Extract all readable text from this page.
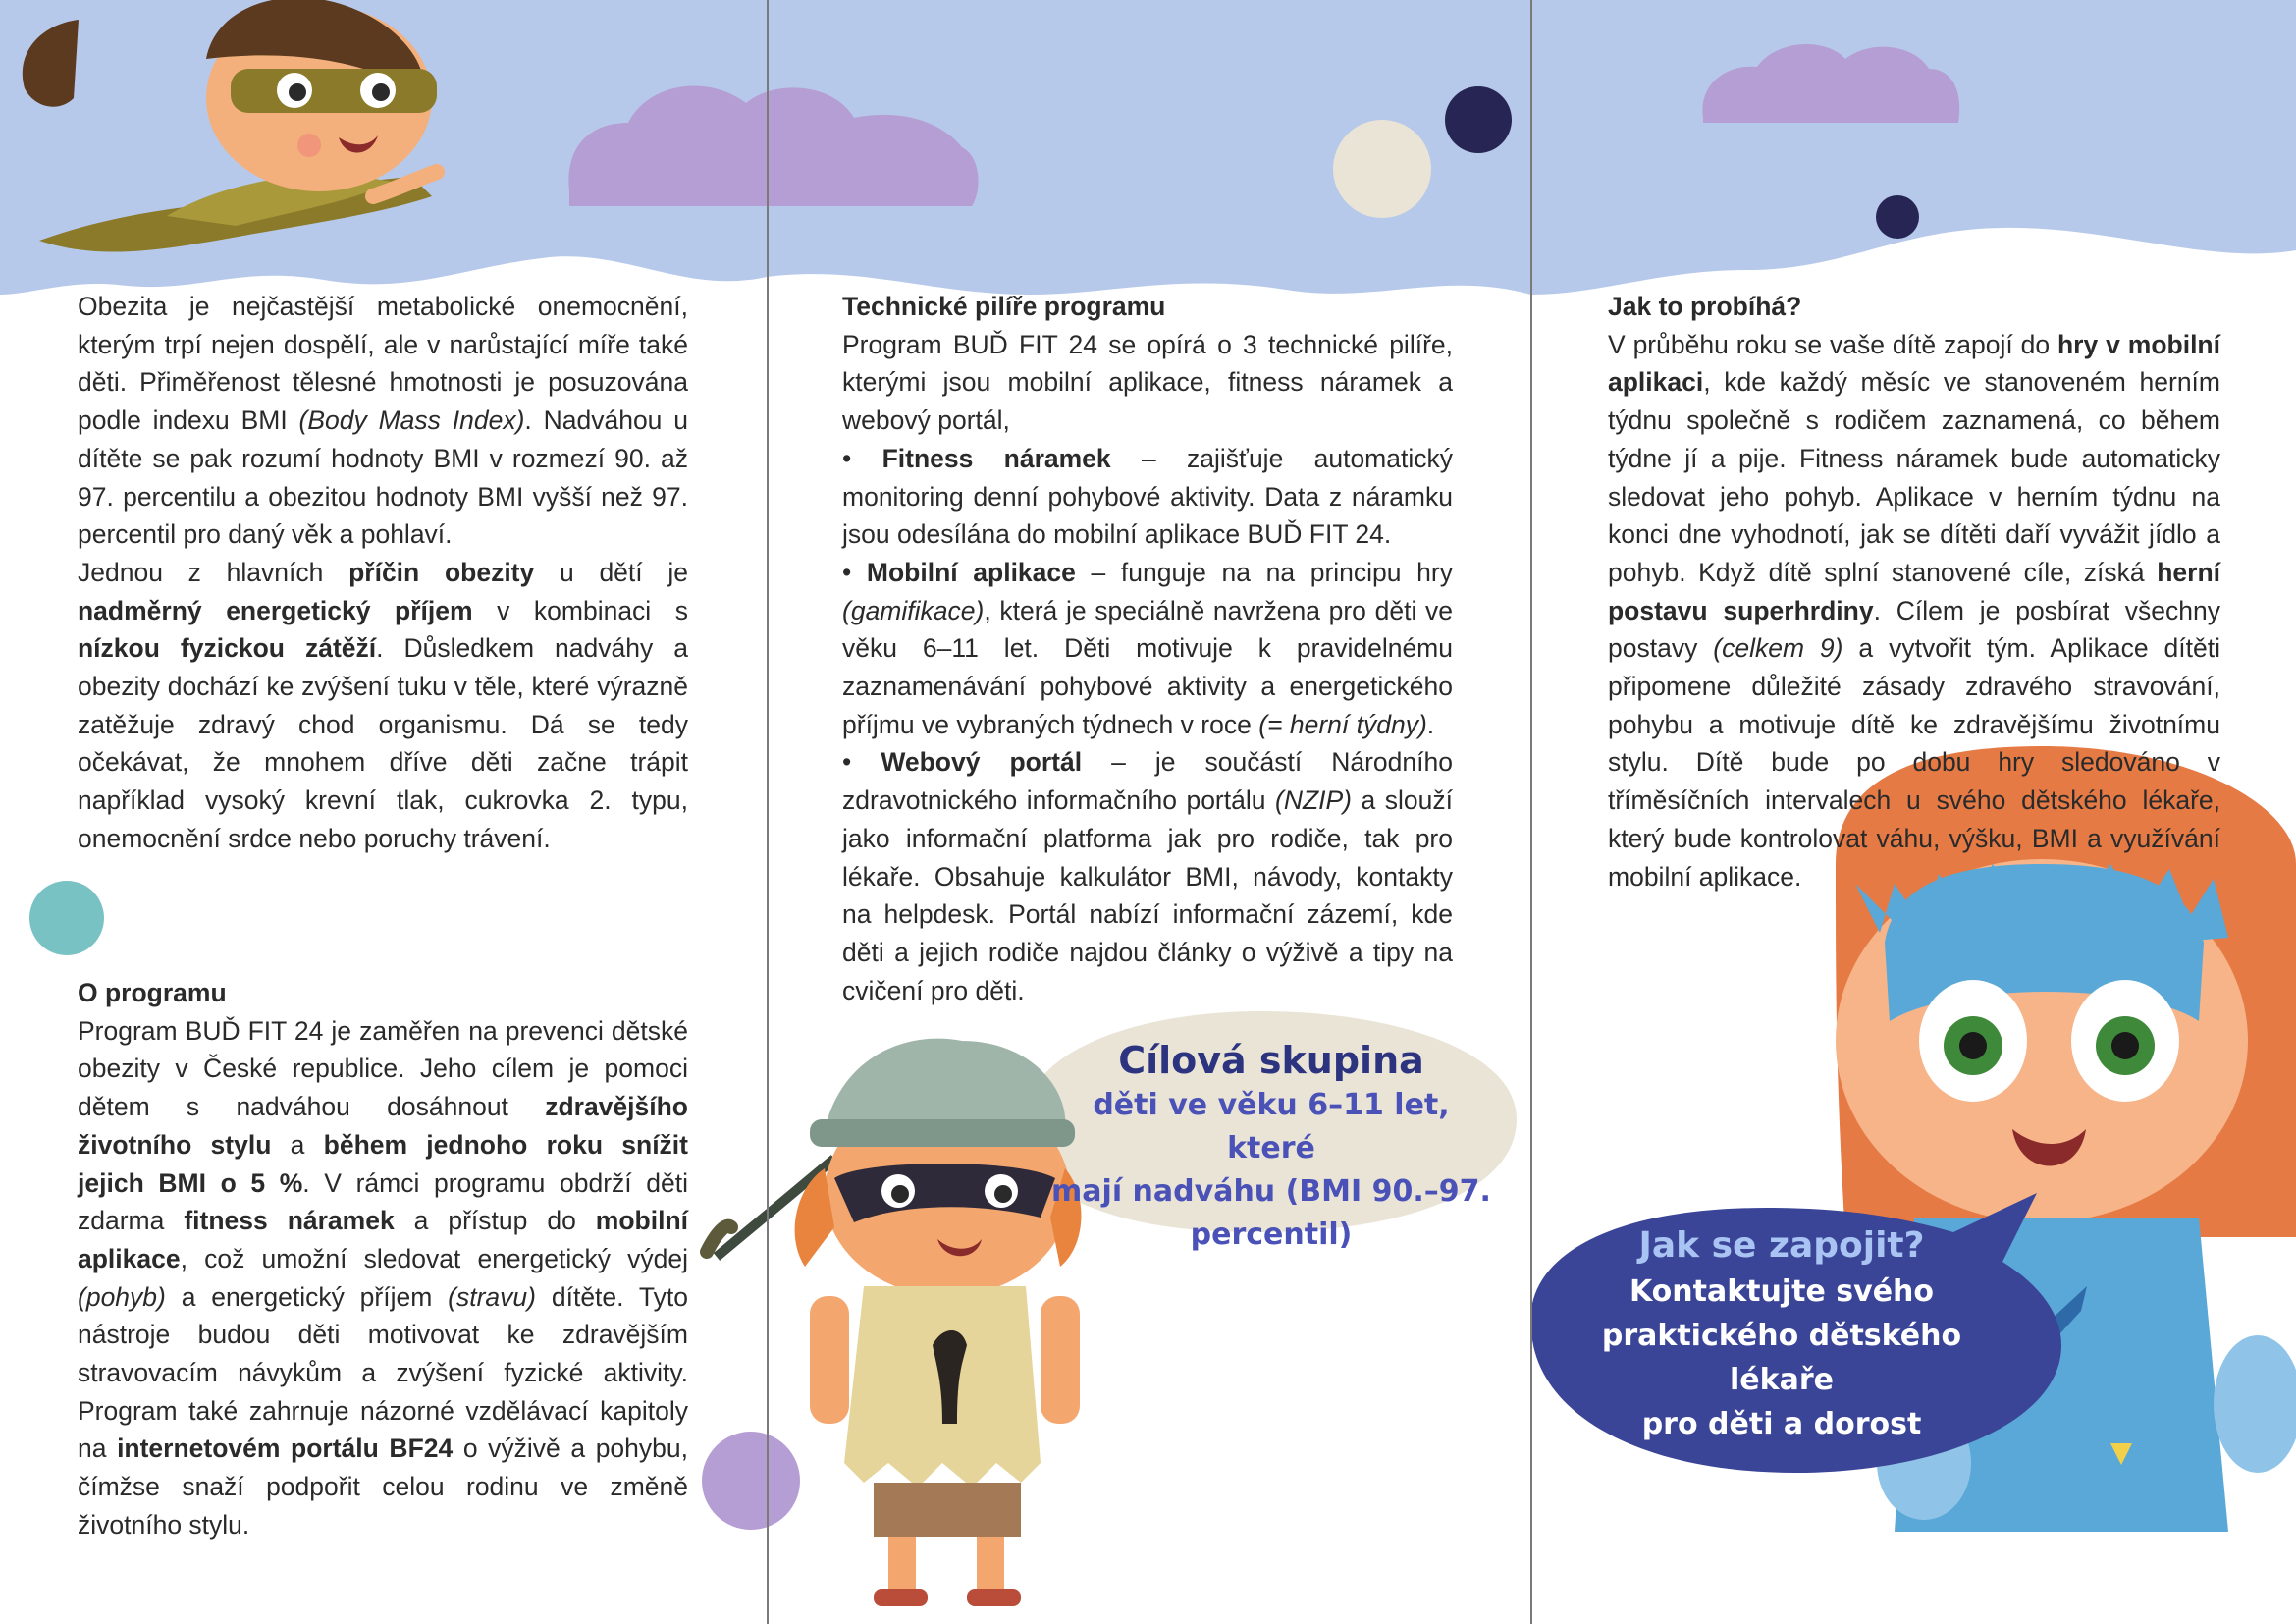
Obezita je nejčastější metabolické onemocnění, kterým trpí nejen dospělí, ale v narůstající míře také děti. Přiměřenost tělesné hmotnosti je posuzována podle indexu BMI (Body Mass Index). Nadváhou u dítěte se pak rozumí hodnoty BMI v rozmezí 90. až 97. percentilu a obezitou hodnoty BMI vyšší než 97. percentil pro daný věk a pohlaví.

Jednou z hlavních příčin obezity u dětí je nadměrný energetický příjem v kombinaci s nízkou fyzickou zátěží. Důsledkem nadváhy a obezity dochází ke zvýšení tuku v těle, které výrazně zatěžuje zdravý chod organismu. Dá se tedy očekávat, že mnohem dříve děti začne trápit například vysoký krevní tlak, cukrovka 2. typu, onemocnění srdce nebo poruchy trávení.

O programu

Program BUĎ FIT 24 je zaměřen na prevenci dětské obezity v České republice. Jeho cílem je pomoci dětem s nadváhou dosáhnout zdravějšího životního stylu a během jednoho roku snížit jejich BMI o 5 %. V rámci programu obdrží děti zdarma fitness náramek a přístup do mobilní aplikace, což umožní sledovat energetický výdej (pohyb) a energetický příjem (stravu) dítěte. Tyto nástroje budou děti motivovat ke zdravějším stravovacím návykům a zvýšení fyzické aktivity. Program také zahrnuje názorné vzdělávací kapitoly na internetovém portálu BF24 o výživě a pohybu, čímžse snaží podpořit celou rodinu ve změně životního stylu.

Technické pilíře programu

Program BUĎ FIT 24 se opírá o 3 technické pilíře, kterými jsou mobilní aplikace, fitness náramek a webový portál,

• Fitness náramek – zajišťuje automatický monitoring denní pohybové aktivity. Data z náramku jsou odesílána do mobilní aplikace BUĎ FIT 24.

• Mobilní aplikace – funguje na na principu hry (gamifikace), která je speciálně navržena pro děti ve věku 6–11 let. Děti motivuje k pravidelnému zaznamenávání pohybové aktivity a energetického příjmu ve vybraných týdnech v roce (= herní týdny).

• Webový portál – je součástí Národního zdravotnického informačního portálu (NZIP) a slouží jako informační platforma jak pro rodiče, tak pro lékaře. Obsahuje kalkulátor BMI, návody, kontakty na helpdesk. Portál nabízí informační zázemí, kde děti a jejich rodiče najdou články o výživě a tipy na cvičení pro děti.

Jak to probíhá?

V průběhu roku se vaše dítě zapojí do hry v mobilní aplikaci, kde každý měsíc ve stanoveném herním týdnu společně s rodičem zaznamená, co během týdne jí a pije. Fitness náramek bude automaticky sledovat jeho pohyb. Aplikace v herním týdnu na konci dne vyhodnotí, jak se dítěti daří vyvážit jídlo a pohyb. Když dítě splní stanovené cíle, získá herní postavu superhrdiny. Cílem je posbírat všechny postavy (celkem 9) a vytvořit tým. Aplikace dítěti připomene důležité zásady zdravého stravování, pohybu a motivuje dítě ke zdravějšímu životnímu stylu. Dítě bude po dobu hry sledováno v tříměsíčních intervalech u svého dětského lékaře, který bude kontrolovat váhu, výšku, BMI a využívání mobilní aplikace.

Cílová skupina
děti ve věku 6–11 let, které
mají nadváhu (BMI 90.–97.
percentil)	Jak se zapojit?
Kontaktujte svého
praktického dětského lékaře
pro děti a dorost
